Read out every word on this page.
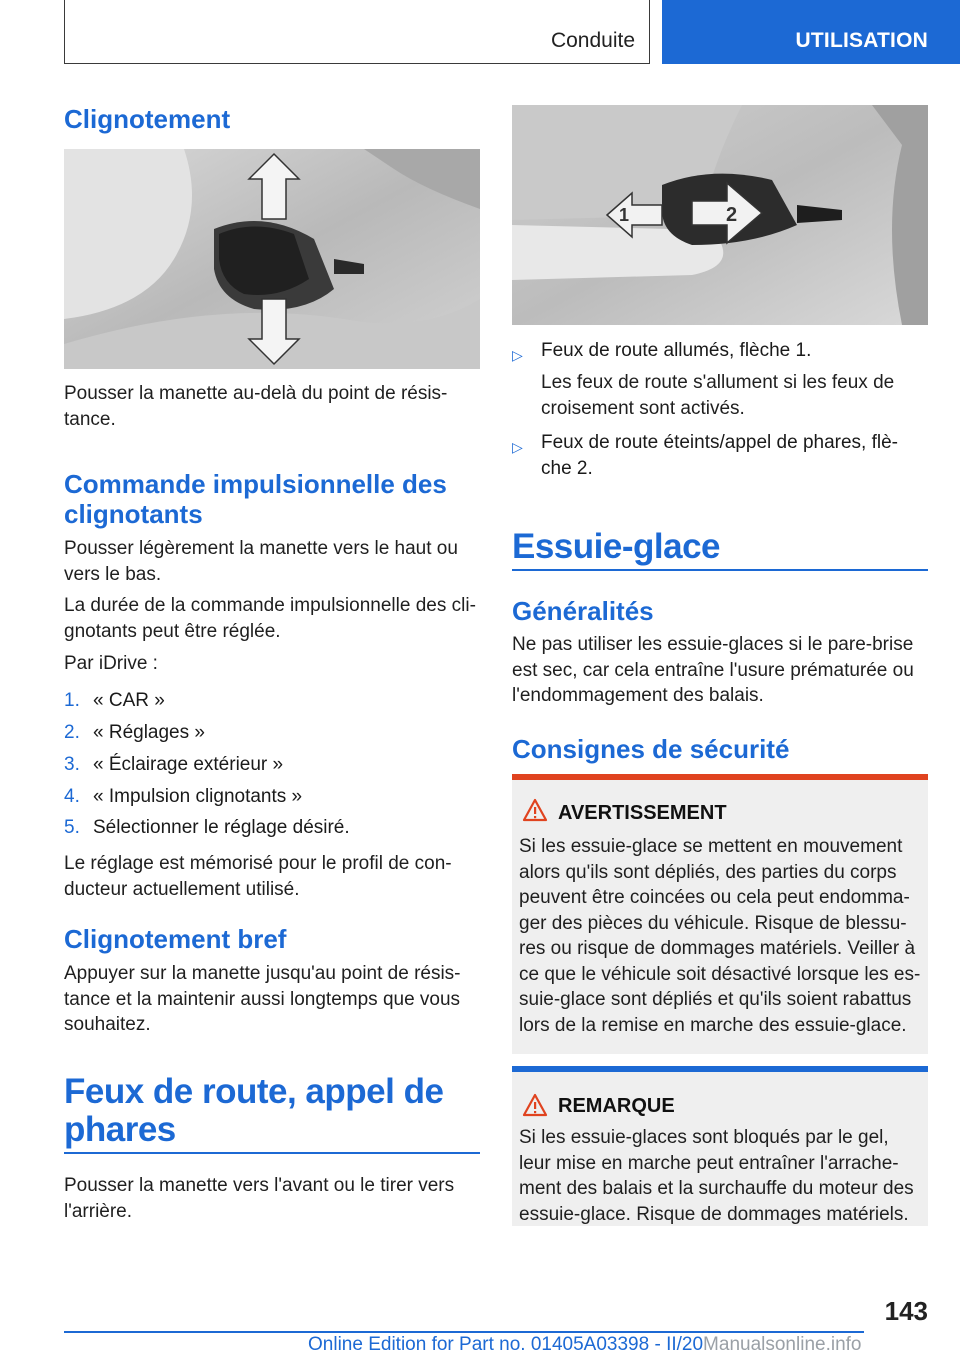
Conduite	UTILISATION
Clignotement
Pousser la manette au-delà du point de résis-
tance.
Commande impulsionnelle des
clignotants
Pousser légèrement la manette vers le haut ou
vers le bas.
La durée de la commande impulsionnelle des cli-
gnotants peut être réglée.
Par iDrive :
1. « CAR »
2. « Réglages »
3. « Éclairage extérieur »
4. « Impulsion clignotants »
5. Sélectionner le réglage désiré.
Le réglage est mémorisé pour le profil de con-
ducteur actuellement utilisé.
Clignotement bref
Appuyer sur la manette jusqu'au point de résis-
tance et la maintenir aussi longtemps que vous
souhaitez.
Feux de route, appel de
phares
Pousser la manette vers l'avant ou le tirer vers
l'arrière.
1	2
▷ Feux de route allumés, flèche 1.
Les feux de route s'allument si les feux de
croisement sont activés.
▷ Feux de route éteints/appel de phares, flè-
che 2.
Essuie-glace
Généralités
Ne pas utiliser les essuie-glaces si le pare-brise
est sec, car cela entraîne l'usure prématurée ou
l'endommagement des balais.
Consignes de sécurité
AVERTISSEMENT
Si les essuie-glace se mettent en mouvement
alors qu'ils sont dépliés, des parties du corps
peuvent être coincées ou cela peut endomma-
ger des pièces du véhicule. Risque de blessu-
res ou risque de dommages matériels. Veiller à
ce que le véhicule soit désactivé lorsque les es-
suie-glace sont dépliés et qu'ils soient rabattus
lors de la remise en marche des essuie-glace.
REMARQUE
Si les essuie-glaces sont bloqués par le gel,
leur mise en marche peut entraîner l'arrache-
ment des balais et la surchauffe du moteur des
essuie-glace. Risque de dommages matériels.
143
Online Edition for Part no. 01405A03398 - II/20Manualsonline.info
